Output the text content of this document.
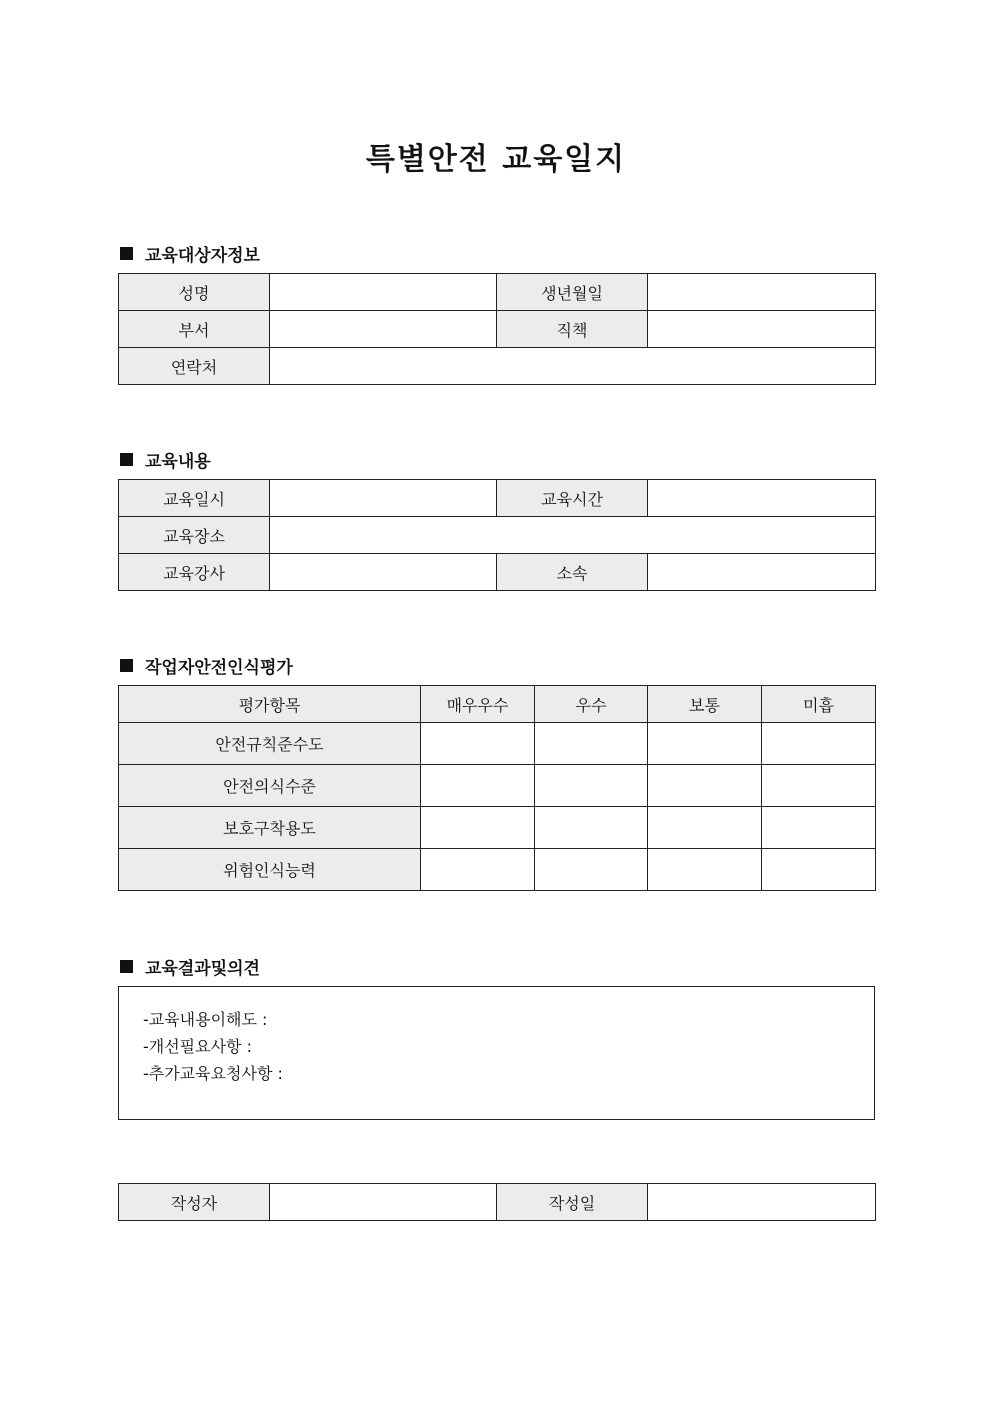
특별안전 교육일지
교육대상자정보
성명		생년월일	
부서		직책	
연락처			
교육내용
교육일시		교육시간	
교육장소			
교육강사		소속	
작업자안전인식평가
평가항목	매우우수	우수	보통	미흡
안전규칙준수도				
안전의식수준				
보호구착용도				
위험인식능력				
교육결과및의견
-교육내용이해도 :
-개선필요사항 :
-추가교육요청사항 :
작성자		작성일	
